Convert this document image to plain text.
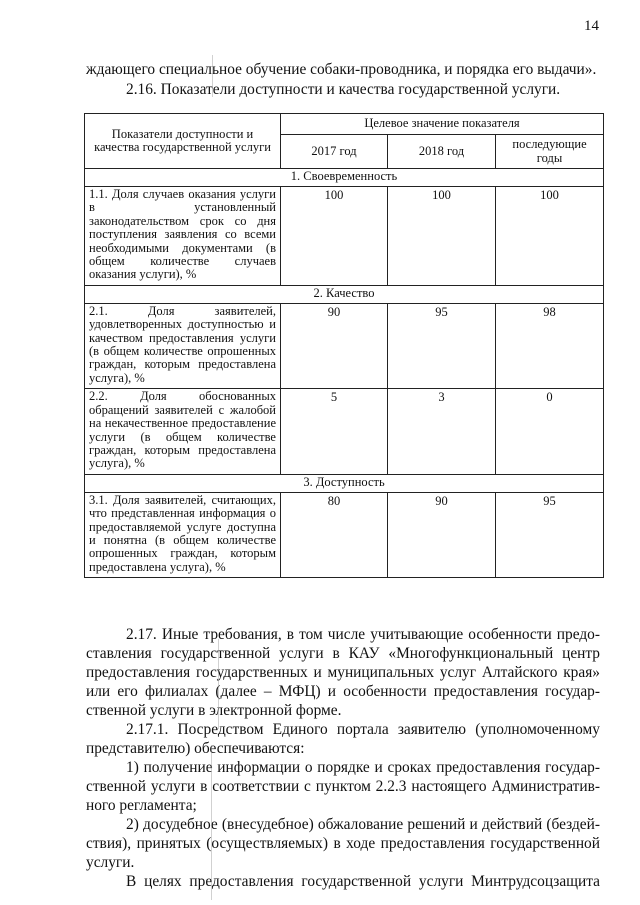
14
ждающего специальное обучение собаки-проводника, и порядка его выдачи».
2.16. Показатели доступности и качества государственной услуги.
Показатели доступности и качества государственной услуги	Целевое значение показателя		
	2017 год	2018 год	последующие годы
1. Своевременность			
1.1. Доля случаев оказания услуги в установленный законодательством срок со дня поступления заявления со всеми необходимыми документами (в общем количестве случаев оказания услуги), %	100	100	100
2. Качество			
2.1. Доля заявителей, удовлетворенных доступностью и качеством предоставления услуги (в общем количестве опрошенных граждан, которым предоставлена услуга), %	90	95	98
2.2. Доля обоснованных обращений заявителей с жалобой на некачественное предоставление услуги (в общем количестве граждан, которым предоставлена услуга), %	5	3	0
3. Доступность			
3.1. Доля заявителей, считающих, что представленная информация о предоставляемой услуге доступна и понятна (в общем количестве опрошенных граждан, которым предоставлена услуга), %	80	90	95
2.17. Иные требования, в том числе учитывающие особенности предо-
ставления государственной услуги в КАУ «Многофункциональный центр
предоставления государственных и муниципальных услуг Алтайского края»
или его филиалах (далее – МФЦ) и особенности предоставления государ-
ственной услуги в электронной форме.
2.17.1. Посредством Единого портала заявителю (уполномоченному
представителю) обеспечиваются:
1) получение информации о порядке и сроках предоставления государ-
ственной услуги в соответствии с пунктом 2.2.3 настоящего Административ-
ного регламента;
2) досудебное (внесудебное) обжалование решений и действий (бездей-
ствия), принятых (осуществляемых) в ходе предоставления государственной
услуги.
В целях предоставления государственной услуги Минтрудсоцзащита
